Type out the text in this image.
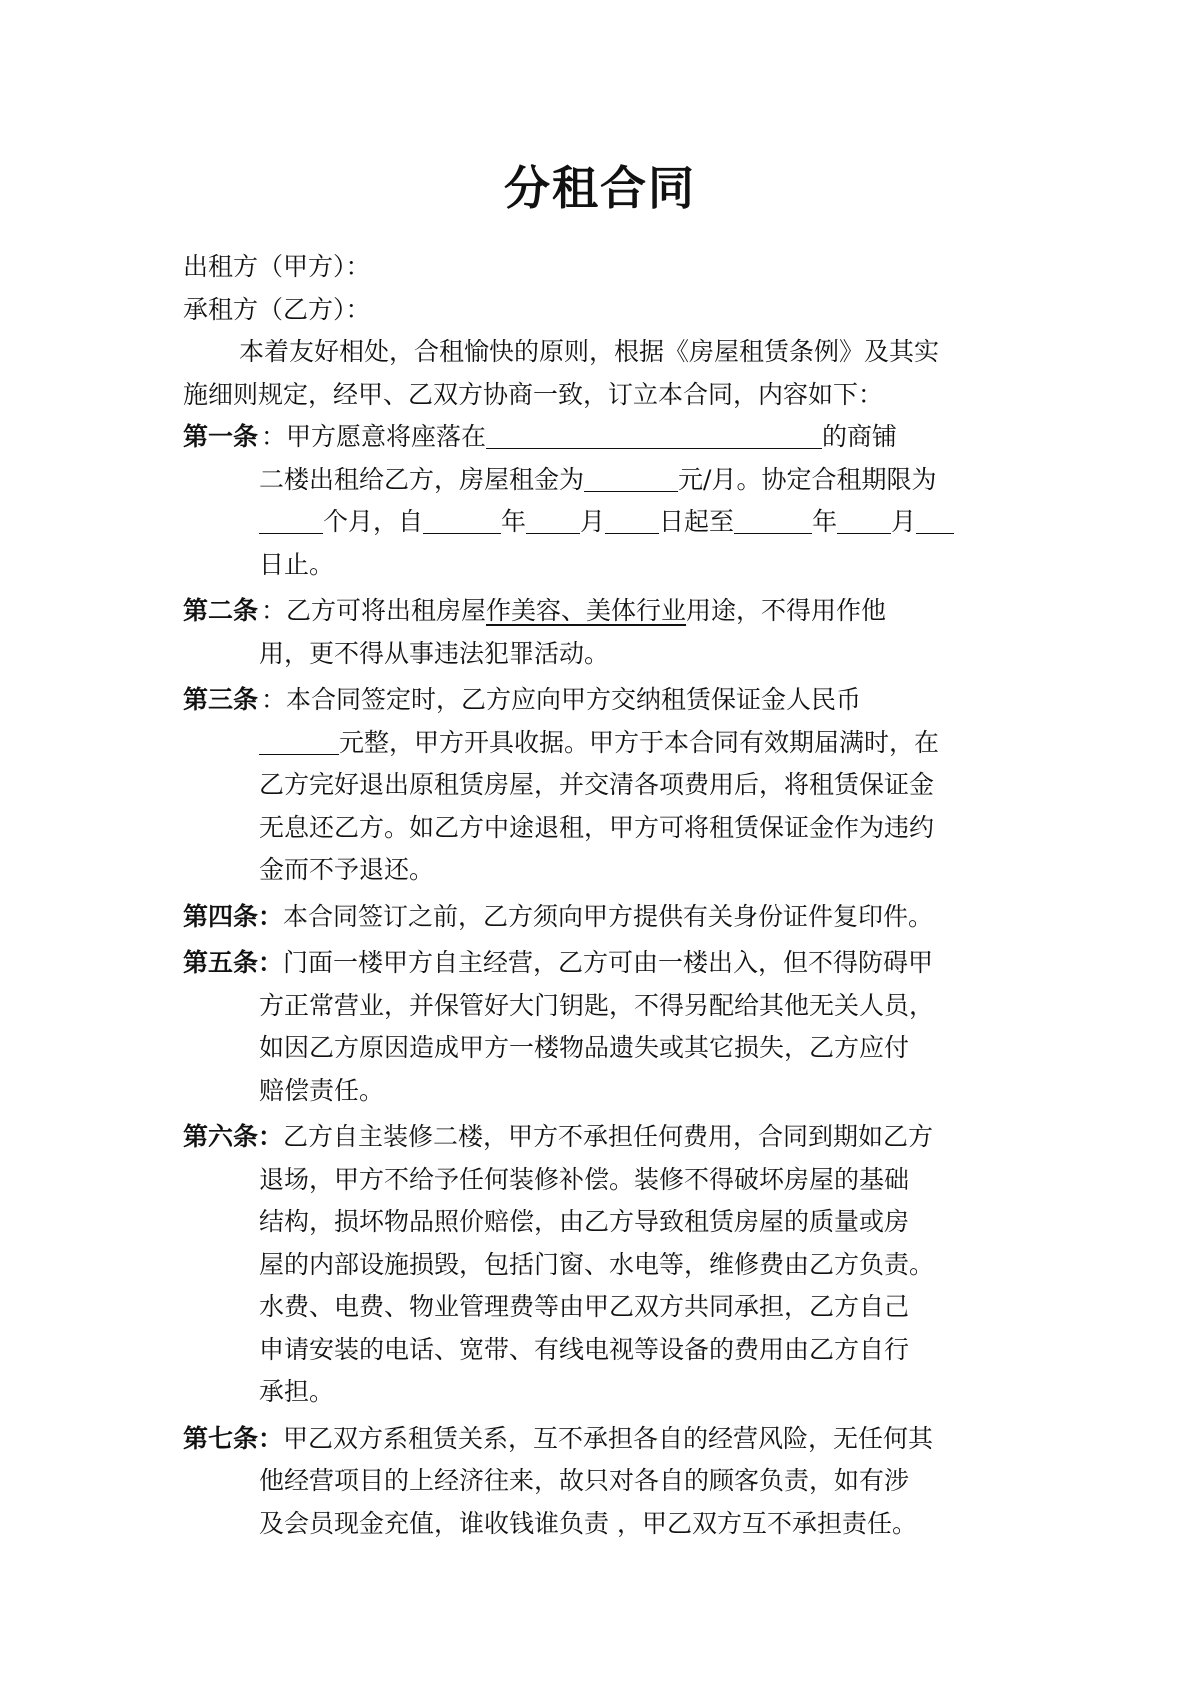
分租合同
出租方（甲方）：
承租方（乙方）：
本着友好相处，合租愉快的原则，根据《房屋租赁条例》及其实
施细则规定，经甲、乙双方协商一致，订立本合同，内容如下：
第一条 ：甲方愿意将座落在	的商铺
二楼出租给乙方，房屋租金为	元/月。协定合租期限为
个月，自	年 月 日起至	年 月
日止。
第二条 ：乙方可将出租房屋作美容、美体行业用途，不得用作他
用，更不得从事违法犯罪活动。
第三条 ：本合同签定时，乙方应向甲方交纳租赁保证金人民币
元整，甲方开具收据。甲方于本合同有效期届满时，在
乙方完好退出原租赁房屋，并交清各项费用后，将租赁保证金
无息还乙方。如乙方中途退租，甲方可将租赁保证金作为违约
金而不予退还。
第四条：本合同签订之前，乙方须向甲方提供有关身份证件复印件。
第五条：门面一楼甲方自主经营，乙方可由一楼出入，但不得防碍甲
方正常营业，并保管好大门钥匙，不得另配给其他无关人员，
如因乙方原因造成甲方一楼物品遗失或其它损失，乙方应付
赔偿责任。
第六条：乙方自主装修二楼，甲方不承担任何费用，合同到期如乙方
退场，甲方不给予任何装修补偿。装修不得破坏房屋的基础
结构，损坏物品照价赔偿，由乙方导致租赁房屋的质量或房
屋的内部设施损毁，包括门窗、水电等，维修费由乙方负责。
水费、电费、物业管理费等由甲乙双方共同承担，乙方自己
申请安装的电话、宽带、有线电视等设备的费用由乙方自行
承担。
第七条：甲乙双方系租赁关系，互不承担各自的经营风险，无任何其
他经营项目的上经济往来，故只对各自的顾客负责，如有涉
及会员现金充值，谁收钱谁负责 ，甲乙双方互不承担责任。
